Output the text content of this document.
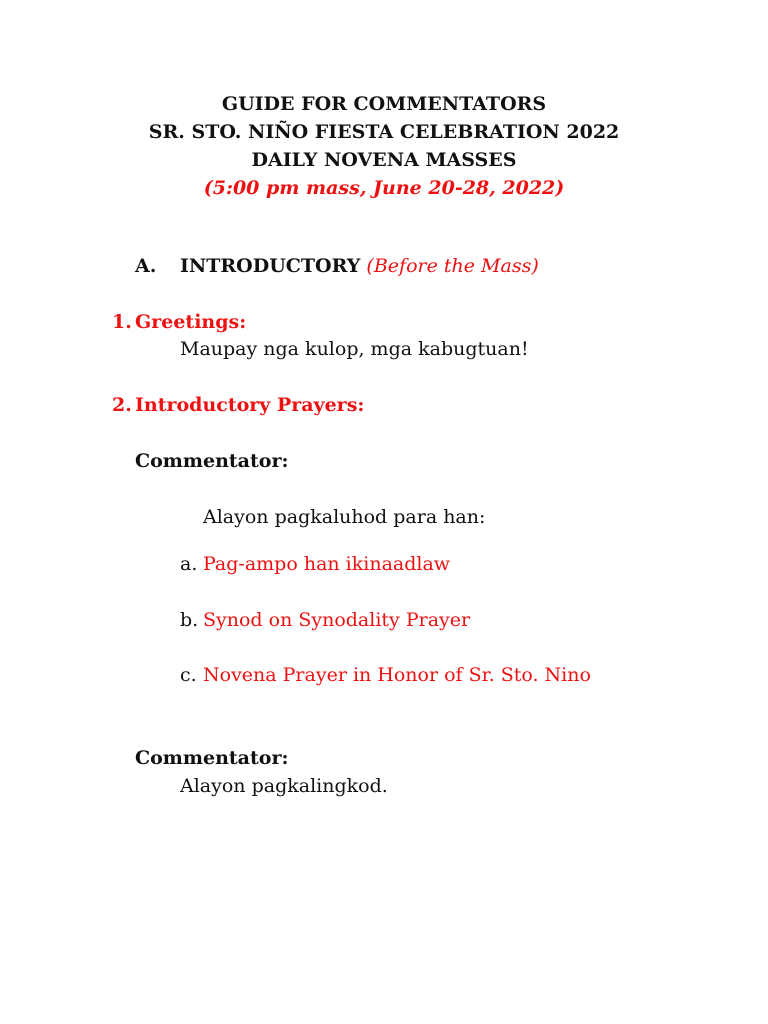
GUIDE FOR COMMENTATORS
SR. STO. NIÑO FIESTA CELEBRATION 2022
DAILY NOVENA MASSES
(5:00 pm mass, June 20-28, 2022)
A. INTRODUCTORY (Before the Mass)
1. Greetings:
Maupay nga kulop, mga kabugtuan!
2. Introductory Prayers:
Commentator:
Alayon pagkaluhod para han:
a. Pag-ampo han ikinaadlaw
b. Synod on Synodality Prayer
c. Novena Prayer in Honor of Sr. Sto. Nino
Commentator:
Alayon pagkalingkod.
